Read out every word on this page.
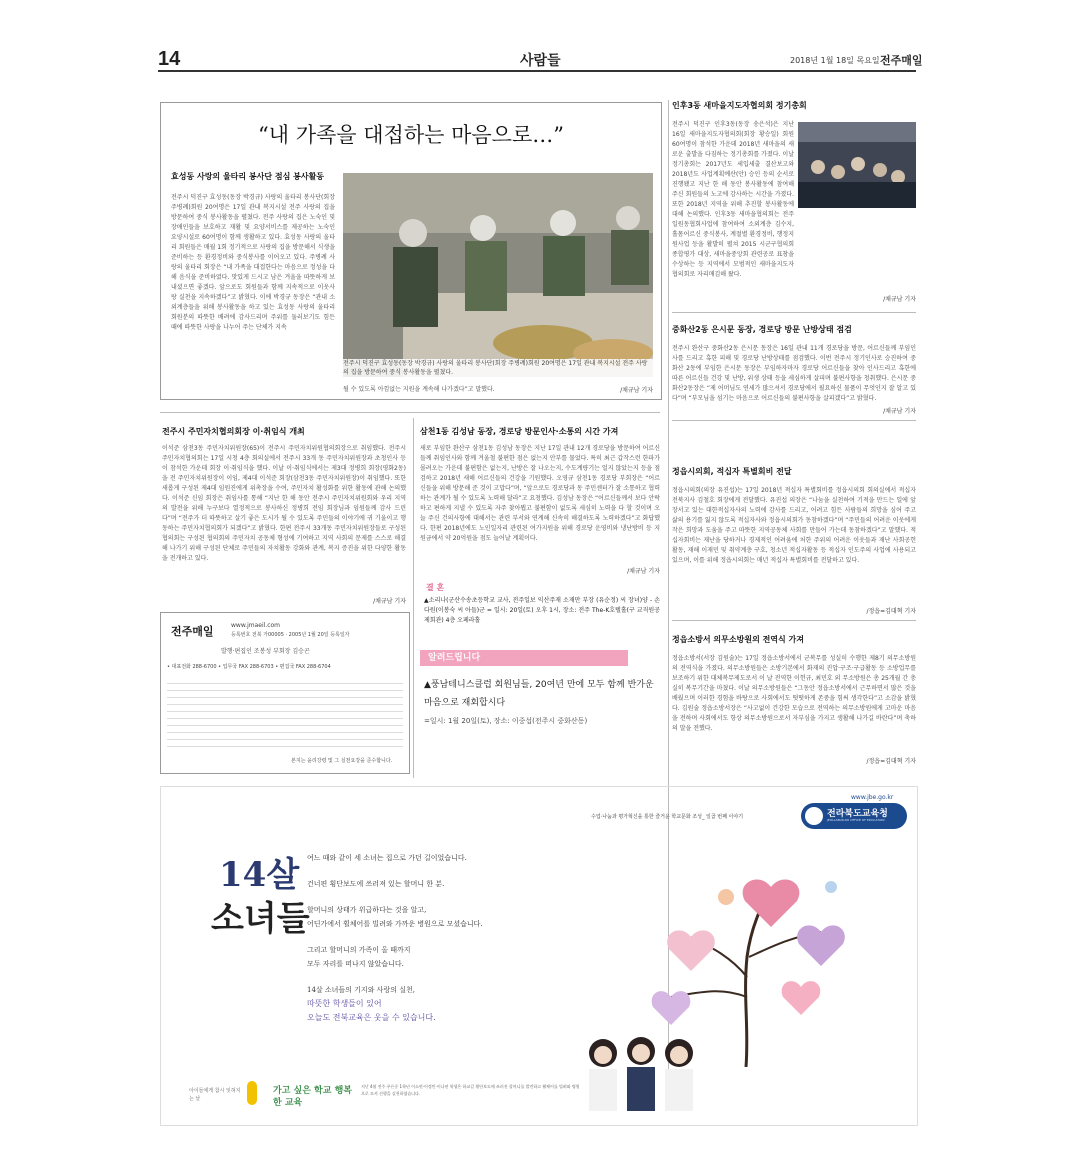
14	사람들	2018년 1월 18일 목요일 전주매일
“내 가족을 대접하는 마음으로…”
효성동 사랑의 울타리 봉사단 점심 봉사활동
전주시 덕진구 효성동(동장 박경규) 사랑의 울타리 봉사단(회장 주병례)회원 20여명은 17일 관내 복지시설 전주 사랑의 집을 방문하여 중식 봉사활동을 펼쳤다. 전주 사랑의 집은 노숙인 및 장애인들을 보호하고 재활 및 요양서비스를 제공하는 노숙인 요양시설로 60여명이 함께 생활하고 있다. 효성동 사랑의 울타리 회원들은 매월 1회 정기적으로 사랑의 집을 방문해서 식생을 준비하는 등 환경정비와 중식봉사를 이어오고 있다. 주병례 사랑의 울타리 회장은 “내 가족을 대접한다는 마음으로 정성을 다해 음식을 준비하였다. 맛있게 드시고 남은 겨울을 따뜻하게 보내셨으면 좋겠다. 앞으로도 회원들과 함께 지속적으로 이웃사랑 실천을 지속하겠다”고 밝혔다. 이에 박경규 동장은 “관내 소외계층들을 위해 봉사활동을 하고 있는 효성동 사랑의 울타리 회원분의 따뜻한 배려에 감사드리며 주위를 둘러보기도 힘든 때에 따뜻한 사랑을 나누어 주는 단체가 지속
전주시 덕진구 효성동(동장 박경규) 사랑의 울타리 봉사단(회장 주병례)회원 20여명은 17일 관내 복지시설 전주 사랑의 집을 방문하여 중식 봉사활동을 펼쳤다.
될 수 있도록 아낌없는 지원을 계속해 나가겠다”고 말했다.	/채규남 기자
인후3동 새마을지도자협의회 정기총회
전주시 덕진구 인후3동(동장 송은석)은 지난 16일 새마을지도자협의회(회장 황승일) 회원 60여명이 참석한 가운데 2018년 새마을의 새로운 출발을 다짐하는 정기총회를 가졌다. 이날 정기총회는 2017년도 세입세출 결산보고와 2018년도 사업계획예산(안) 승인 등의 순서로 진행됐고 지난 한 해 동안 봉사활동에 참여해 주신 회원들의 노고에 감사하는 시간을 가졌다. 또한 2018년 지역을 위해 추진할 봉사활동에 대해 논의했다. 인후3동 새마을협의회는 전주일원동협회사업에 참여하여 소외계층 김수지, 홀몸어르신 중식봉사, 계절별 환경정비, 행정지원사업 등을 활발히 펼쳐 2015 시군구협의회 종합평가 대상, 새마을중앙회 관련공로 표창을 수상하는 등 지역에서 모범적인 새마을지도자협의회로 자리매김해 왔다.
/채규남 기자
중화산2동 은시문 동장, 경로당 방문 난방상태 점검
전주시 완산구 중화산2동 은시문 동장은 16일 관내 11개 경로당을 방문, 어르신들께 부임인사를 드리고 혹한 피해 및 경로당 난방상태를 점검했다. 이번 전주시 정기인사로 승진하여 중화산 2동에 부임한 은시문 동장은 부임하자마자 경로당 어르신들을 찾아 인사드리고 혹한에 따른 어르신들 건강 및 난방, 위생 상태 등을 세심하게 살피며 불편사항을 청취했다. 은시문 중화산2동장은 “제 어머님도 연세가 많으셔서 경로당에서 필요하신 물품이 무엇인지 잘 알고 있다”며 “부모님을 섬기는 마음으로 어르신들의 불편사항을 살피겠다”고 밝혔다.
/채규남 기자
정읍시의회, 적십자 특별회비 전달
정읍시의회(의장 유진섭)는 17일 2018년 적십자 특별회비를 정읍시의회 회의실에서 적십자 전북지사 김철호 회장에게 전달했다. 유진섭 의장은 “나눔을 실천하여 기적을 만드는 일에 앞장서고 있는 대한적십자사의 노력에 감사를 드리고, 어려고 힘든 사람들의 희망을 심어 주고 삶의 용기를 잃지 않도록 적십자사와 정읍시의회가 동참하겠다”며 “주민들의 어려운 이웃에게 작은 희망과 도움을 주고 따뜻한 지역공동체 사회를 만들어 가는데 동참하겠다”고 말했다. 적십자회비는 재난을 당하거나 경제적인 어려움에 처한 주위의 어려운 이웃들과 재난 사회공헌활동, 재해 이재민 및 취약계층 구호, 청소년 적십자활동 등 적십자 인도주의 사업에 사용되고 있으며, 이를 위해 정읍시의회는 매년 적십자 특별회비를 전달하고 있다.
/정읍=김대혁 기자
정읍소방서 의무소방원의 전역식 가져
정읍소방서(서장 김원술)는 17일 정읍소방서에서 군복무를 성실히 수행한 제8기 의무소방원의 전역식을 가졌다. 의무소방원들은 소방기본에서 화재의 진압·구조·구급활동 등 소방업무를 보조하기 위한 대체복무제도로서 이 날 전역한 이헌규, 최민호 외 무소방원은 총 25개월 간 충실히 복무기간을 마쳤다. 이날 의무소방원들은 “그동안 정읍소방서에서 근무하면서 많은 것을 배웠으며 이러한 경험을 바탕으로 사회에서도 떳떳하게 존중을 힘써 생각한다”고 소감을 밝혔다. 김원술 정읍소방서장은 “사고없이 건강한 모습으로 전역하는 의무소방원에게 고마운 마음을 전하며 사회에서도 항상 의무소방원으로서 자부심을 가지고 생활해 나가길 바란다”며 축하의 말을 전했다.
/정읍=김대혁 기자
전주시 주민자치협의회장 이·취임식 개최
이석준 삼천3동 주민자치위원장(65)이 전주시 주민자치위원협의회장으로 취임했다. 전주시 주민자치협의회는 17일 시청 4층 회의실에서 전주시 33개 동 주민자치위원장과 초청인사 등이 참석한 가운데 회장 이·취임식을 했다. 이날 이·취임식에서는 제3대 정병희 회장(평화2동)을 전 주민자치위원장이 이임, 제4대 이석준 회장(삼천3동 주민자치위원장)이 취임했다. 또한 새롭게 구성된 제4대 임원진에게 위촉장을 수여, 주민자치 활성화를 위한 활동에 관해 논의했다. 이석준 신임 회장은 취임사를 통해 “지난 한 해 동안 전주시 주민자치위원회와 우리 지역의 발전을 위해 누구보다 열정적으로 봉사하신 정병희 전임 회장님과 임원들께 감사 드린다”며 “전주가 더 따뜻하고 살기 좋은 도시가 될 수 있도록 주민들의 이야기에 귀 기울이고 행동하는 주민자치협의회가 되겠다”고 밝혔다. 한편 전주시 33개동 주민자치위원장들로 구성된 협의회는 구성된 협의회의 주민자치 공동체 형성에 기여하고 지역 사회의 문제를 스스로 해결해 나가기 위해 구성된 단체로 주민들의 자치활동 강화와 관계, 복지 증진을 위한 다양한 활동을 전개하고 있다.
/채규남 기자
삼천1동 김성남 동장, 경로당 방문인사·소통의 시간 가져
새로 부임한 완산구 삼천1동 김성남 동장은 지난 17일 관내 12개 경로당을 방문하여 어르신들께 취임인사와 함께 겨울철 불편한 점은 없는지 안부를 물었다. 특히 최근 갑작스런 한파가 몰려오는 가운데 불편함은 없는지, 난방은 잘 나오는지, 수도계량기는 얼지 않았는지 등을 점검하고 2018년 새해 어르신들의 건강을 기원했다. 오영규 삼천1동 경로당 부회장은 “어르신들을 위해 방문해 준 것이 고맙다”며, “앞으로도 경로당과 동 주민센터가 잘 소통하고 협력하는 관계가 될 수 있도록 노력해 달라”고 요청했다. 김성남 동장은 “어르신들께서 보다 안락하고 편하게 지낼 수 있도록 자주 찾아뵙고 불편함이 없도록 세심히 노력을 다 할 것이며 오늘 주신 건의사항에 대해서는 관련 부서와 연계해 신속히 해결하도록 노력하겠다”고 화답했다. 한편 2018년에도 노인일자리 관련된 여가지원을 위해 경로당 운영비와 냉난방비 등 지원금에서 약 20억원을 점도 늘어날 계획이다.
/채규남 기자
결 혼
▲소리나(군산수송초등학교 교사, 전주일보 익산주재 소재만 부장 (유순정) 씨 장녀)양 - 손다원(이봉숙 씨 아들)군 = 일시: 20일(토) 오후 1시, 장소: 전주 The-K호텔홀(구 교직원공제회관) 4층 오페라홀
알려드립니다
▲풍남테니스클럽 회원님들, 20여년 만에 모두 함께 반가운 마음으로 재회합시다
=일시: 1월 20일(토), 장소: 이중섭(전주시 중화산동)
전주매일	www.jmaeil.com
등록번호 전북 가00005 · 2005년 1월 20일 등록일자
발행·편집인 조봉성 부회장 김승곤
• 대표전화 288-6700 • 업무국 FAX 288-6703 • 편집국 FAX 288-6704
본지는 윤리강령 및 그 실천요강을 준수합니다.
수업·나눔과 평가혁신을 통한 즐거운 학교문화 조성_ 일곱 번째 이야기	전라북도교육청
JEOLLABUK-DO OFFICE OF EDUCATION
www.jbe.go.kr
14살
소녀들
여느 때와 같이 세 소녀는 집으로 가던 길이었습니다.
건너편 횡단보도에 쓰러져 있는 할머니 한 분.
할머니의 상태가 위급하다는 것을 알고,
어딘가에서 휠체어를 빌려와 가까운 병원으로 모셨습니다.
그리고 할머니의 가족이 올 때까지
모두 자리를 떠나지 않았습니다.
14살 소녀들의 기지와 사랑의 실천,
따뜻한 학생들이 있어
오늘도 전북교육은 웃을 수 있습니다.
아이들에게 참시 잊혀지는 날
가고 싶은 학교 행복한 교육
지난 4월 전주 푸른중 1학년 이소연·이정민·이나연 학생은 하교길 횡단보도에 쓰러진 할머니를 발견하고 휠체어를 빌려와 병원으로 모셔 선행을 실천하였습니다.
